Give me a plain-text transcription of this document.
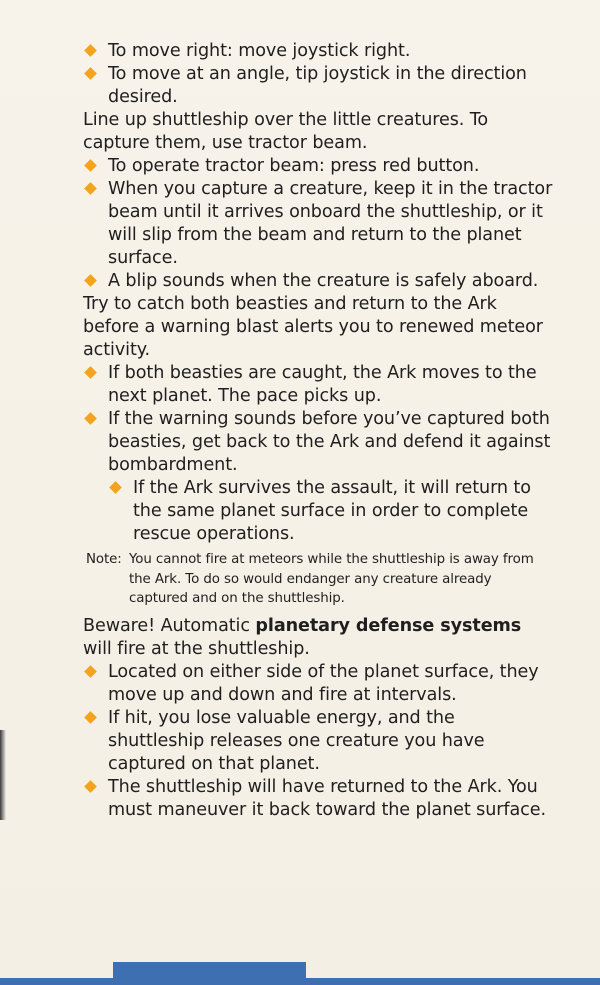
To move right: move joystick right.

To move at an angle, tip joystick in the direction desired.

Line up shuttleship over the little creatures. To capture them, use tractor beam.

To operate tractor beam: press red button.

When you capture a creature, keep it in the tractor beam until it arrives onboard the shuttleship, or it will slip from the beam and return to the planet surface.

A blip sounds when the creature is safely aboard.

Try to catch both beasties and return to the Ark before a warning blast alerts you to renewed meteor activity.

If both beasties are caught, the Ark moves to the next planet. The pace picks up.

If the warning sounds before you’ve captured both beasties, get back to the Ark and defend it against bombardment.

If the Ark survives the assault, it will return to the same planet surface in order to complete rescue operations.

Note: You cannot fire at meteors while the shuttleship is away from the Ark. To do so would endanger any creature already captured and on the shuttleship.

Beware! Automatic planetary defense systems will fire at the shuttleship.

Located on either side of the planet surface, they move up and down and fire at intervals.

If hit, you lose valuable energy, and the shuttleship releases one creature you have captured on that planet.

The shuttleship will have returned to the Ark. You must maneuver it back toward the planet surface.
